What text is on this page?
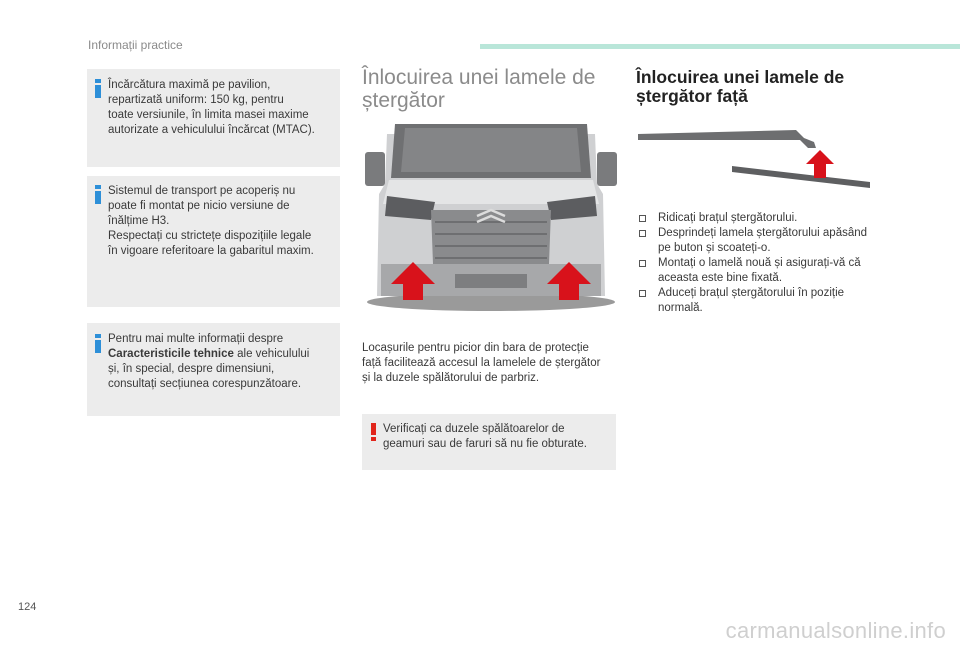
Informații practice

Încărcătura maximă pe pavilion,

repartizată uniform: 150 kg, pentru

toate versiunile, în limita masei maxime

autorizate a vehiculului încărcat (MTAC).

Sistemul de transport pe acoperiș nu

poate fi montat pe nicio versiune de

înălțime H3.

Respectați cu strictețe dispozițiile legale

în vigoare referitoare la gabaritul maxim.

Pentru mai multe informații despre

Caracteristicile tehnice ale vehiculului

și, în special, despre dimensiuni,

consultați secțiunea corespunzătoare.

Înlocuirea unei lamele de
ștergător

Locașurile pentru picior din bara de protecție
față facilitează accesul la lamelele de ștergător
și la duzele spălătorului de parbriz.

Verificați ca duzele spălătoarelor de
geamuri sau de faruri să nu fie obturate.

Înlocuirea unei lamele de
ștergător față
Ridicați brațul ștergătorului.
Desprindeți lamela ștergătorului apăsând
pe buton și scoateți-o.
Montați o lamelă nouă și asigurați-vă că
aceasta este bine fixată.
Aduceți brațul ștergătorului în poziție
normală.
124
carmanualsonline.info
